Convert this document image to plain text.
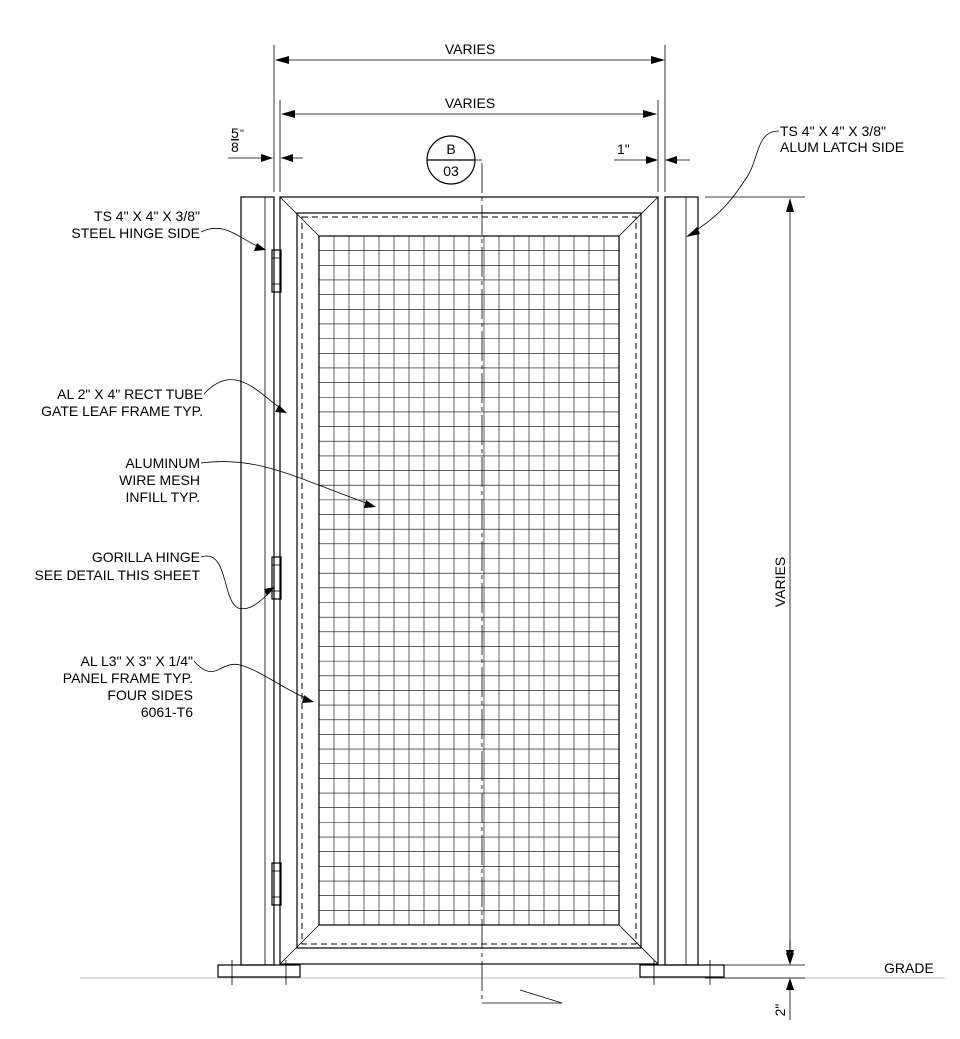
GRADE
B
03
VARIES
VARIES
5 "
8	1"
VARIES
2"
TS 4" X 4" X 3/8"
ALUM LATCH SIDE
TS 4" X 4" X 3/8"
STEEL HINGE SIDE
AL 2" X 4" RECT TUBE
GATE LEAF FRAME TYP.
ALUMINUM
WIRE MESH
INFILL TYP.
GORILLA HINGE
SEE DETAIL THIS SHEET
AL L3" X 3" X 1/4"
PANEL FRAME TYP.
FOUR SIDES
6061-T6
